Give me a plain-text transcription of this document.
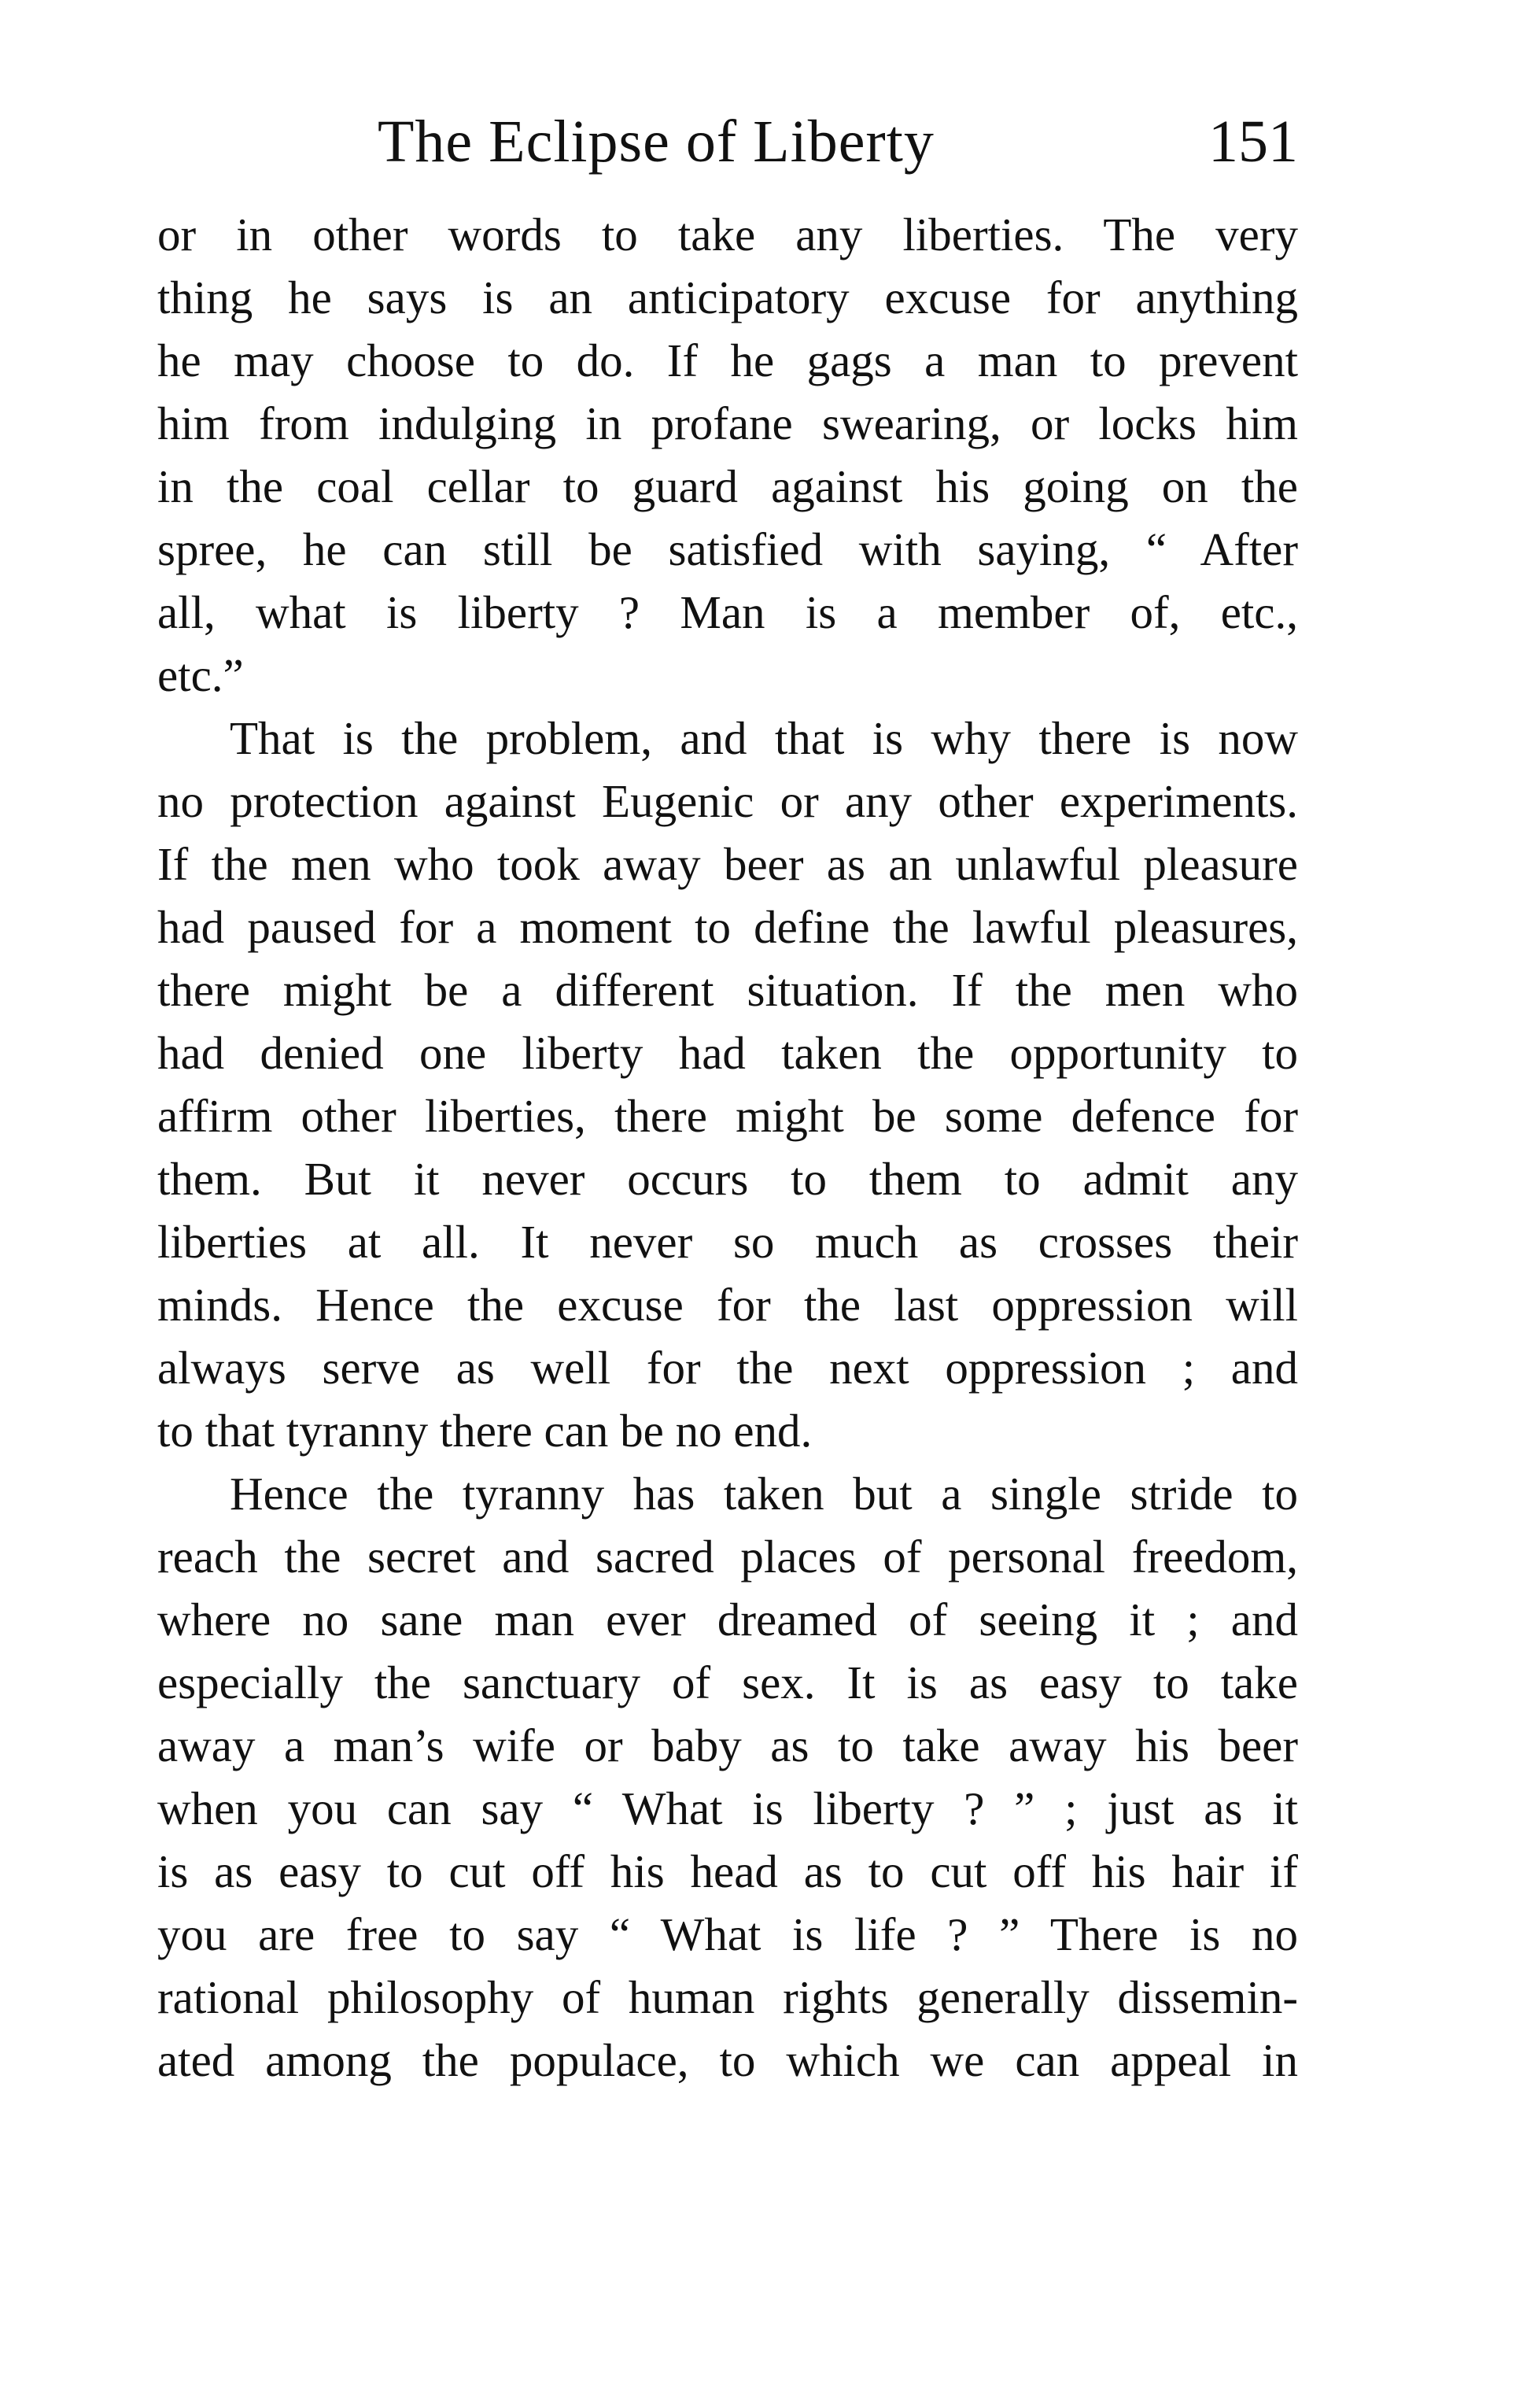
The Eclipse of Liberty	151
or in other words to take any liberties. The very
thing he says is an anticipatory excuse for anything
he may choose to do. If he gags a man to prevent
him from indulging in profane swearing, or locks him
in the coal cellar to guard against his going on the
spree, he can still be satisfied with saying, “ After
all, what is liberty ? Man is a member of, etc.,
etc.”
That is the problem, and that is why there is now
no protection against Eugenic or any other experiments.
If the men who took away beer as an unlawful pleasure
had paused for a moment to define the lawful pleasures,
there might be a different situation. If the men who
had denied one liberty had taken the opportunity to
affirm other liberties, there might be some defence for
them. But it never occurs to them to admit any
liberties at all. It never so much as crosses their
minds. Hence the excuse for the last oppression will
always serve as well for the next oppression ; and
to that tyranny there can be no end.
Hence the tyranny has taken but a single stride to
reach the secret and sacred places of personal freedom,
where no sane man ever dreamed of seeing it ; and
especially the sanctuary of sex. It is as easy to take
away a man’s wife or baby as to take away his beer
when you can say “ What is liberty ? ” ; just as it
is as easy to cut off his head as to cut off his hair if
you are free to say “ What is life ? ” There is no
rational philosophy of human rights generally dissemin-
ated among the populace, to which we can appeal in
